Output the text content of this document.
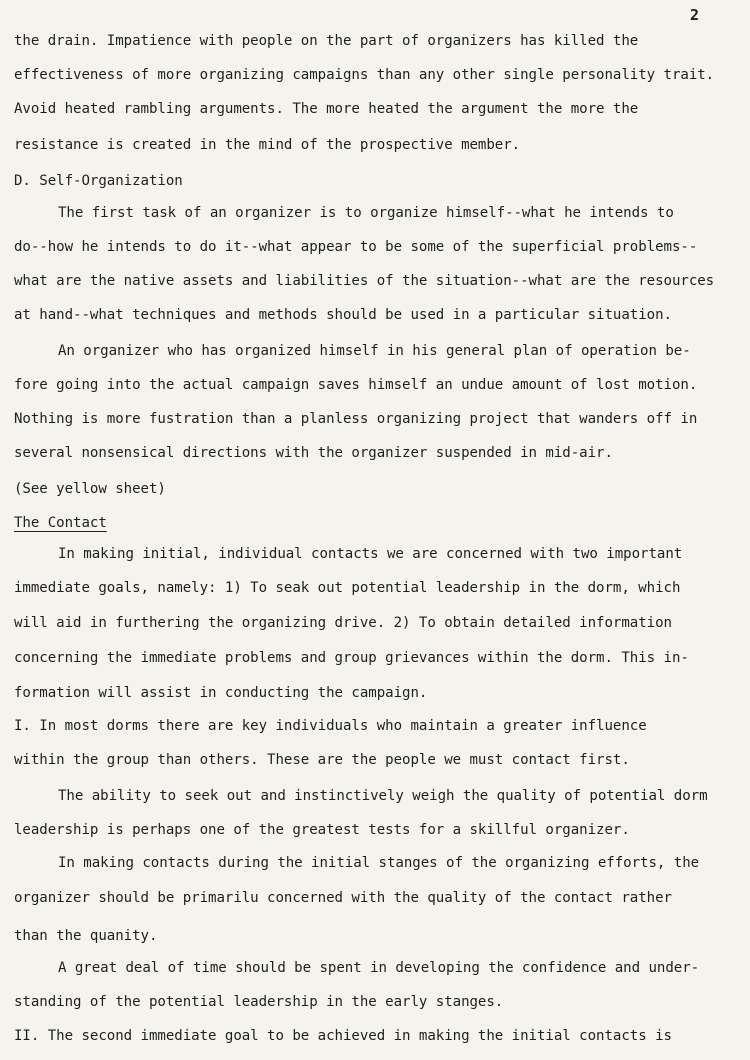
2
the drain. Impatience with people on the part of organizers has killed the
effectiveness of more organizing campaigns than any other single personality trait.
Avoid heated rambling arguments. The more heated the argument the more the
resistance is created in the mind of the prospective member.
D. Self-Organization
The first task of an organizer is to organize himself--what he intends to
do--how he intends to do it--what appear to be some of the superficial problems--
what are the native assets and liabilities of the situation--what are the resources
at hand--what techniques and methods should be used in a particular situation.
An organizer who has organized himself in his general plan of operation be-
fore going into the actual campaign saves himself an undue amount of lost motion.
Nothing is more fustration than a planless organizing project that wanders off in
several nonsensical directions with the organizer suspended in mid-air.
(See yellow sheet)
The Contact
In making initial, individual contacts we are concerned with two important
immediate goals, namely: 1) To seak out potential leadership in the dorm, which
will aid in furthering the organizing drive. 2) To obtain detailed information
concerning the immediate problems and group grievances within the dorm. This in-
formation will assist in conducting the campaign.
I. In most dorms there are key individuals who maintain a greater influence
within the group than others. These are the people we must contact first.
The ability to seek out and instinctively weigh the quality of potential dorm
leadership is perhaps one of the greatest tests for a skillful organizer.
In making contacts during the initial stanges of the organizing efforts, the
organizer should be primarilu concerned with the quality of the contact rather
than the quanity.
A great deal of time should be spent in developing the confidence and under-
standing of the potential leadership in the early stanges.
II. The second immediate goal to be achieved in making the initial contacts is
